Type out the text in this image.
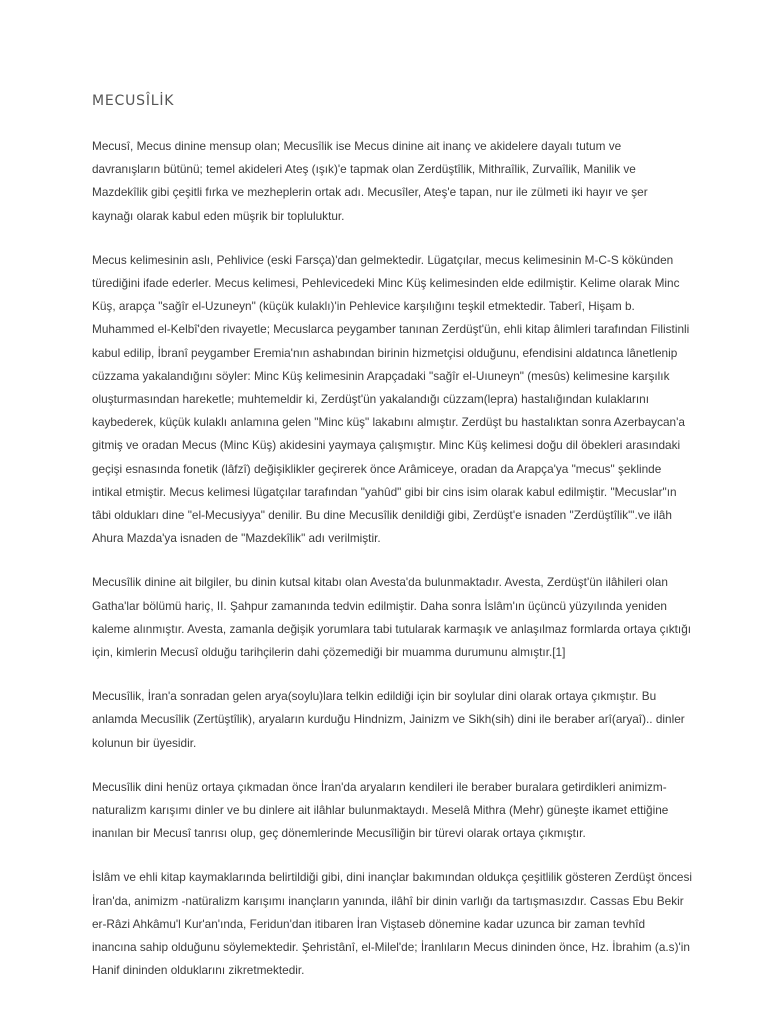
MECUSÎLİK

Mecusî, Mecus dinine mensup olan; Mecusîlik ise Mecus dinine ait inanç ve akidelere dayalı tutum ve davranışların bütünü; temel akideleri Ateş (ışık)'e tapmak olan Zerdüştîlik, Mithraîlik, Zurvaîlik, Manilik ve Mazdekîlik gibi çeşitli fırka ve mezheplerin ortak adı. Mecusîler, Ateş'e tapan, nur ile zülmeti iki hayır ve şer kaynağı olarak kabul eden müşrik bir topluluktur.

Mecus kelimesinin aslı, Pehlivice (eski Farsça)'dan gelmektedir. Lügatçılar, mecus kelimesinin M-C-S kökünden türediğini ifade ederler. Mecus kelimesi, Pehlevicedeki Minc Küş kelimesinden elde edilmiştir. Kelime olarak Minc Küş, arapça "sağîr el-Uzuneyn" (küçük kulaklı)'in Pehlevice karşılığını teşkil etmektedir. Taberî, Hişam b. Muhammed el-Kelbî'den rivayetle; Mecuslarca peygamber tanınan Zerdüşt'ün, ehli kitap âlimleri tarafından Filistinli kabul edilip, İbranî peygamber Eremia'nın ashabından birinin hizmetçisi olduğunu, efendisini aldatınca lânetlenip cüzzama yakalandığını söyler: Minc Küş kelimesinin Arapçadaki "sağîr el-Uıuneyn" (mesûs) kelimesine karşılık oluşturmasından hareketle; muhtemeldir ki, Zerdüşt'ün yakalandığı cüzzam(lepra) hastalığından kulaklarını kaybederek, küçük kulaklı anlamına gelen "Minc küş" lakabını almıştır. Zerdüşt bu hastalıktan sonra Azerbaycan'a gitmiş ve oradan Mecus (Minc Küş) akidesini yaymaya çalışmıştır. Minc Küş kelimesi doğu dil öbekleri arasındaki geçişi esnasında fonetik (lâfzî) değişiklikler geçirerek önce Arâmiceye, oradan da Arapça'ya "mecus" şeklinde intikal etmiştir. Mecus kelimesi lügatçılar tarafından "yahûd" gibi bir cins isim olarak kabul edilmiştir. "Mecuslar"ın tâbi oldukları dine "el-Mecusiyya" denilir. Bu dine Mecusîlik denildiği gibi, Zerdüşt'e isnaden "Zerdüştîlik"'.ve ilâh Ahura Mazda'ya isnaden de "Mazdekîlik" adı verilmiştir.

Mecusîlik dinine ait bilgiler, bu dinin kutsal kitabı olan Avesta'da bulunmaktadır. Avesta, Zerdüşt'ün ilâhileri olan Gatha'lar bölümü hariç, II. Şahpur zamanında tedvin edilmiştir. Daha sonra İslâm'ın üçüncü yüzyılında yeniden kaleme alınmıştır. Avesta, zamanla değişik yorumlara tabi tutularak karmaşık ve anlaşılmaz formlarda ortaya çıktığı için, kimlerin Mecusî olduğu tarihçilerin dahi çözemediği bir muamma durumunu almıştır.[1]

Mecusîlik, İran'a sonradan gelen arya(soylu)lara telkin edildiği için bir soylular dini olarak ortaya çıkmıştır. Bu anlamda Mecusîlik (Zertüştîlik), aryaların kurduğu Hindnizm, Jainizm ve Sikh(sih) dini ile beraber arî(aryaî).. dinler kolunun bir üyesidir.

Mecusîlik dini henüz ortaya çıkmadan önce İran'da aryaların kendileri ile beraber buralara getirdikleri animizm-naturalizm karışımı dinler ve bu dinlere ait ilâhlar bulunmaktaydı. Meselâ Mithra (Mehr) güneşte ikamet ettiğine inanılan bir Mecusî tanrısı olup, geç dönemlerinde Mecusîliğin bir türevi olarak ortaya çıkmıştır.

İslâm ve ehli kitap kaymaklarında belirtildiği gibi, dini inançlar bakımından oldukça çeşitlilik gösteren Zerdüşt öncesi İran'da, animizm -natüralizm karışımı inançların yanında, ilâhî bir dinin varlığı da tartışmasızdır. Cassas Ebu Bekir er-Râzi Ahkâmu'l Kur'an'ında, Feridun'dan itibaren İran Viştaseb dönemine kadar uzunca bir zaman tevhîd inancına sahip olduğunu söylemektedir. Şehristânî, el-Milel'de; İranlıların Mecus dininden önce, Hz. İbrahim (a.s)'in Hanif dininden olduklarını zikretmektedir.
